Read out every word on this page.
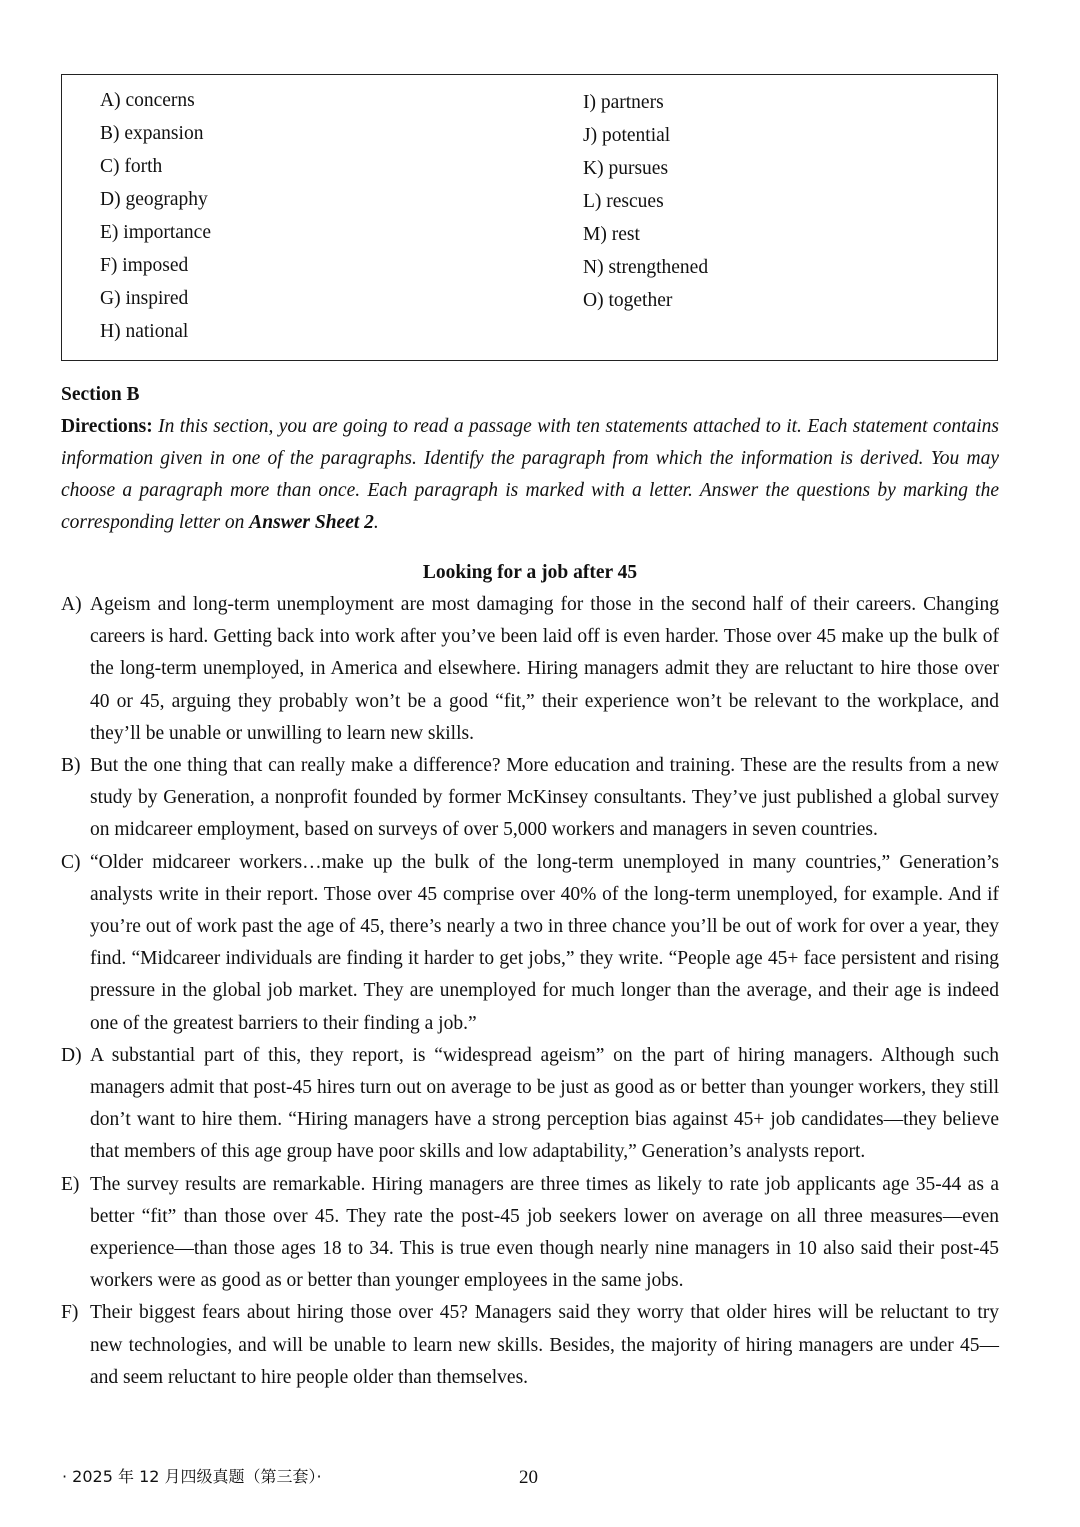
A) concerns
B) expansion
C) forth
D) geography
E) importance
F) imposed
G) inspired
H) national
I) partners
J) potential
K) pursues
L) rescues
M) rest
N) strengthened
O) together
Section B

Directions: In this section, you are going to read a passage with ten statements attached to it. Each statement contains information given in one of the paragraphs. Identify the paragraph from which the information is derived. You may choose a paragraph more than once. Each paragraph is marked with a letter. Answer the questions by marking the corresponding letter on Answer Sheet 2.

Looking for a job after 45
A) Ageism and long-term unemployment are most damaging for those in the second half of their careers. Changing careers is hard. Getting back into work after you’ve been laid off is even harder. Those over 45 make up the bulk of the long-term unemployed, in America and elsewhere. Hiring managers admit they are reluctant to hire those over 40 or 45, arguing they probably won’t be a good “fit,” their experience won’t be relevant to the workplace, and they’ll be unable or unwilling to learn new skills.
B) But the one thing that can really make a difference? More education and training. These are the results from a new study by Generation, a nonprofit founded by former McKinsey consultants. They’ve just published a global survey on midcareer employment, based on surveys of over 5,000 workers and managers in seven countries.
C) “Older midcareer workers…make up the bulk of the long-term unemployed in many countries,” Generation’s analysts write in their report. Those over 45 comprise over 40% of the long-term unemployed, for example. And if you’re out of work past the age of 45, there’s nearly a two in three chance you’ll be out of work for over a year, they find. “Midcareer individuals are finding it harder to get jobs,” they write. “People age 45+ face persistent and rising pressure in the global job market. They are unemployed for much longer than the average, and their age is indeed one of the greatest barriers to their finding a job.”
D) A substantial part of this, they report, is “widespread ageism” on the part of hiring managers. Although such managers admit that post-45 hires turn out on average to be just as good as or better than younger workers, they still don’t want to hire them. “Hiring managers have a strong perception bias against 45+ job candidates—they believe that members of this age group have poor skills and low adaptability,” Generation’s analysts report.
E) The survey results are remarkable. Hiring managers are three times as likely to rate job applicants age 35-44 as a better “fit” than those over 45. They rate the post-45 job seekers lower on average on all three measures—even experience—than those ages 18 to 34. This is true even though nearly nine managers in 10 also said their post-45 workers were as good as or better than younger employees in the same jobs.
F) Their biggest fears about hiring those over 45? Managers said they worry that older hires will be reluctant to try new technologies, and will be unable to learn new skills. Besides, the majority of hiring managers are under 45—and seem reluctant to hire people older than themselves.
· 2025 年 12 月四级真题（第三套）·	20
